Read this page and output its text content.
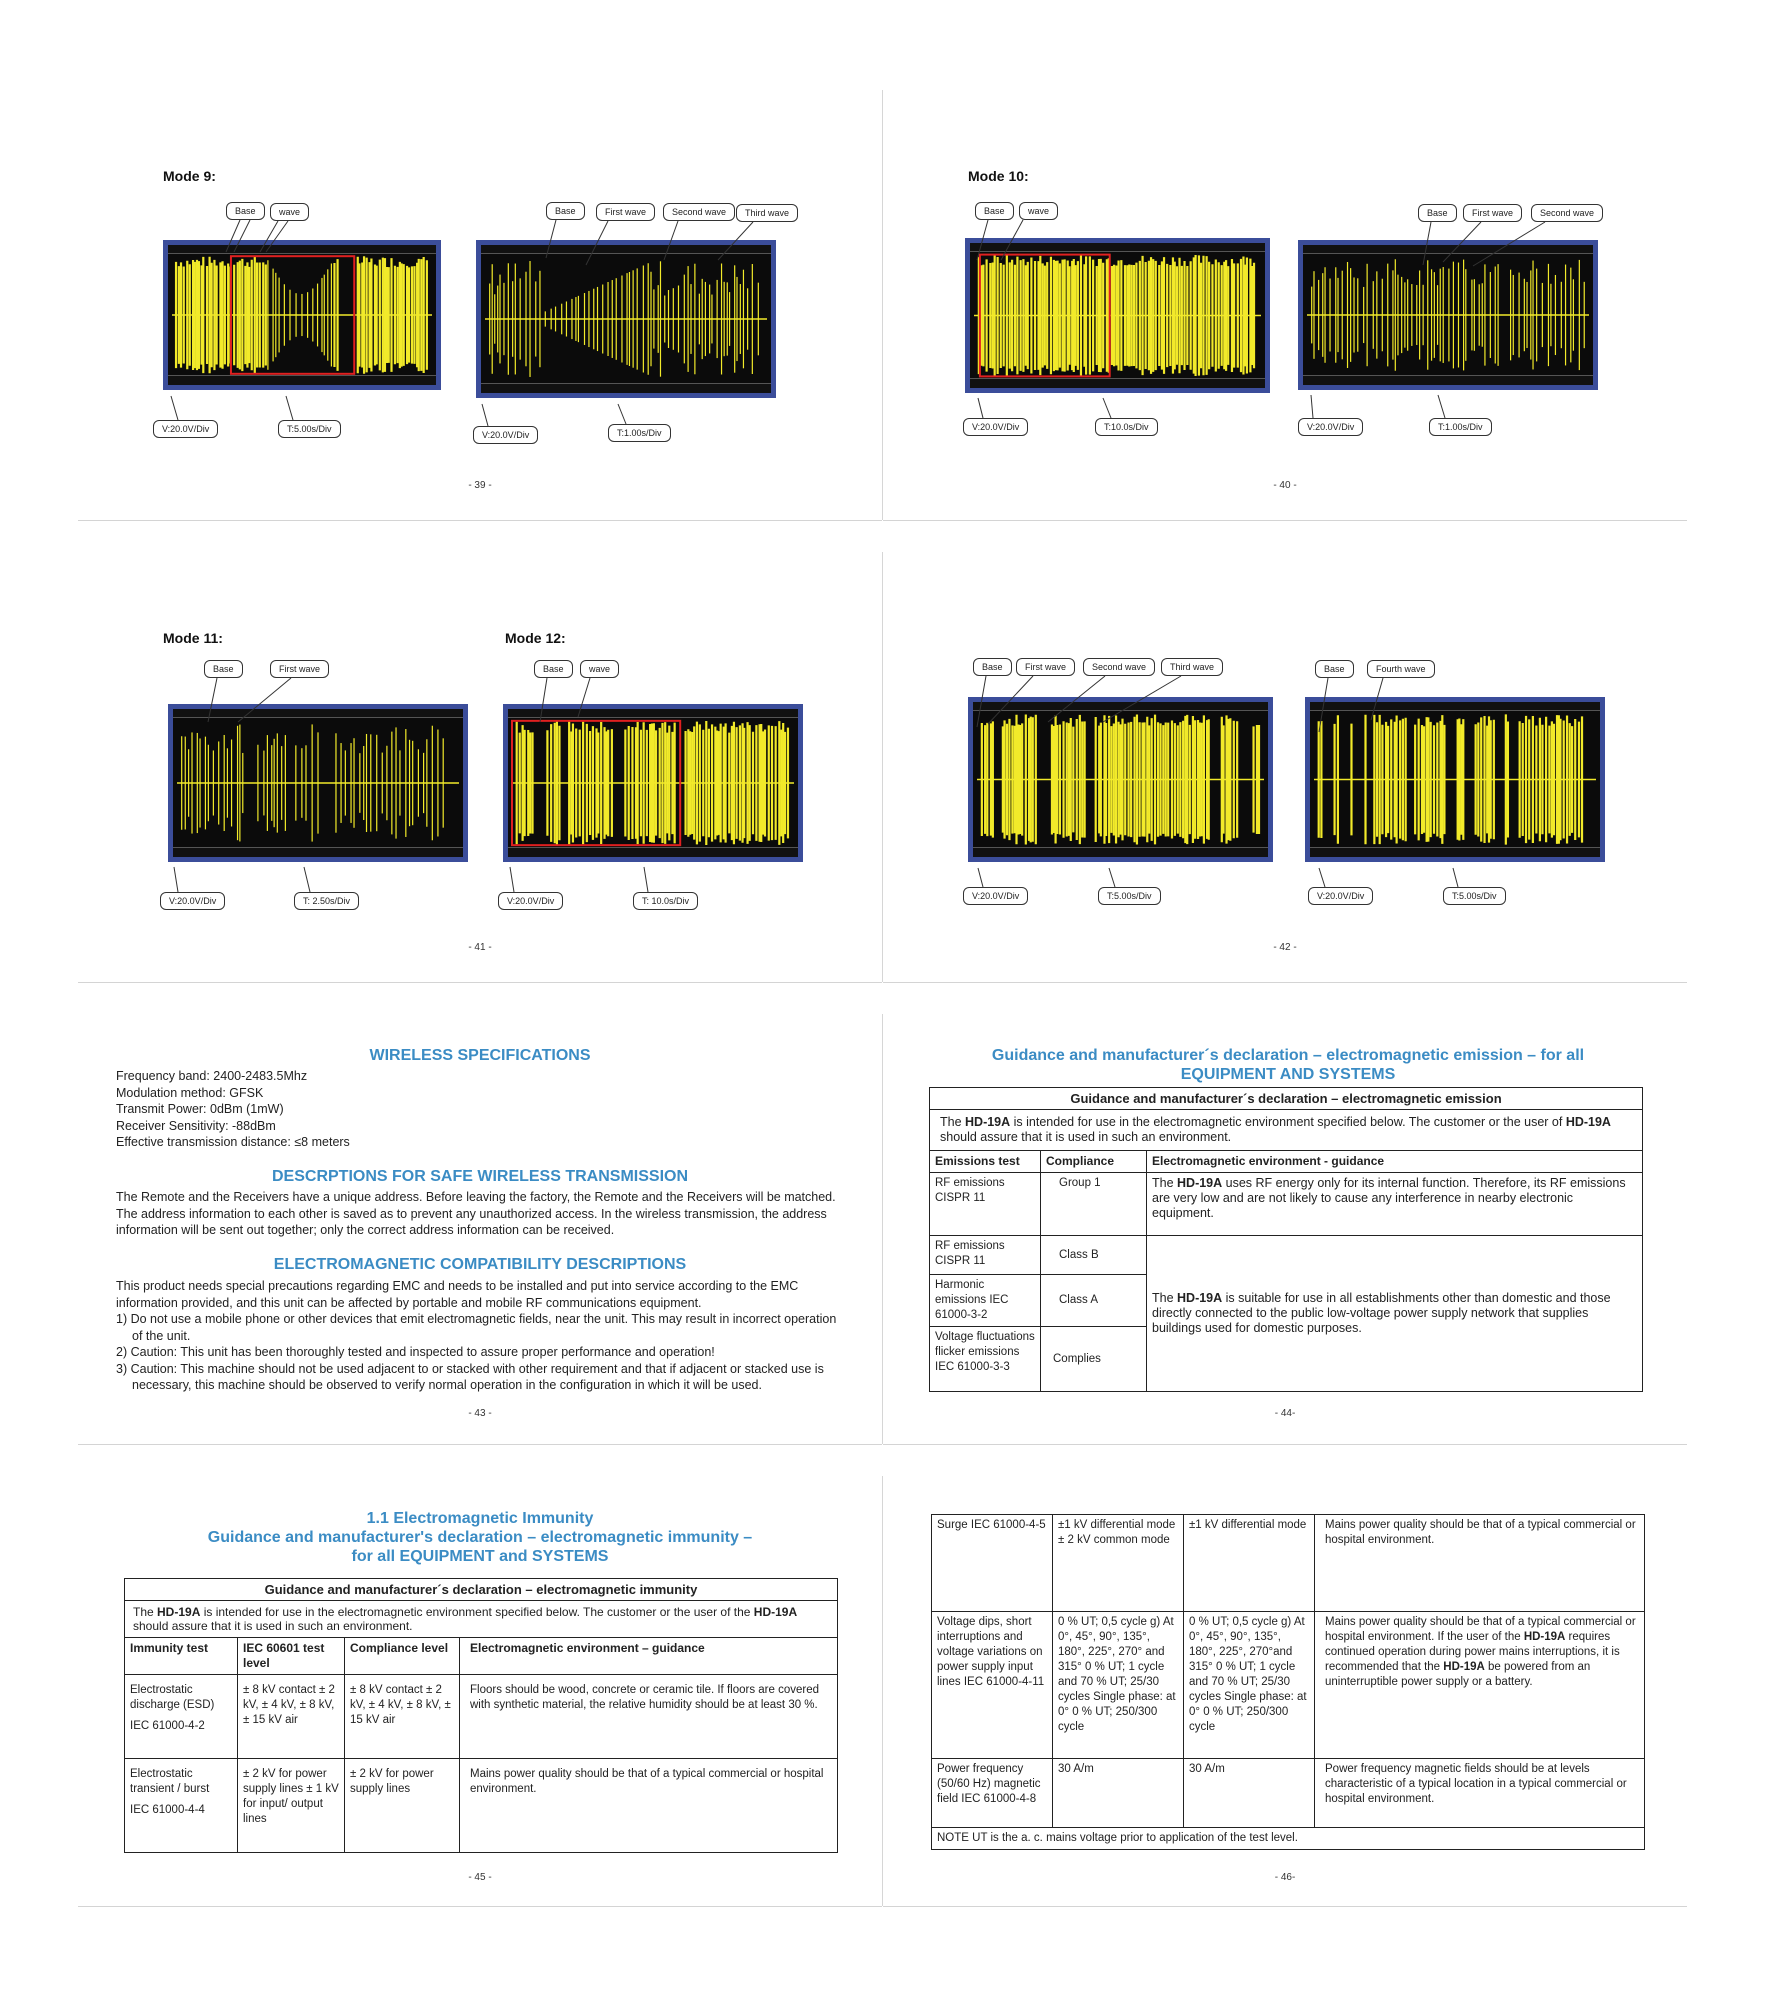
Mode 9:
Base	wave
V:20.0V/Div	T:5.00s/Div
Base	First wave	Second wave	Third wave
V:20.0V/Div	T:1.00s/Div
- 39 -
Mode 10:
Base	wave
V:20.0V/Div	T:10.0s/Div
Base	First wave	Second wave
V:20.0V/Div	T:1.00s/Div
- 40 -
Mode 11:	Mode 12:
Base	First wave
V:20.0V/Div	T: 2.50s/Div
Base	wave
V:20.0V/Div	T: 10.0s/Div
- 41 -
Base	First wave	Second wave	Third wave
V:20.0V/Div	T:5.00s/Div
Base	Fourth wave
V:20.0V/Div	T:5.00s/Div
- 42 -
WIRELESS SPECIFICATIONS
Frequency band: 2400-2483.5Mhz
Modulation method: GFSK
Transmit Power: 0dBm (1mW)
Receiver Sensitivity: -88dBm
Effective transmission distance: ≤8 meters
DESCRPTIONS FOR SAFE WIRELESS TRANSMISSION
The Remote and the Receivers have a unique address. Before leaving the factory, the Remote and the Receivers will be matched. The address information to each other is saved as to prevent any unauthorized access. In the wireless transmission, the address information will be sent out together; only the correct address information can be received.
ELECTROMAGNETIC COMPATIBILITY DESCRIPTIONS
This product needs special precautions regarding EMC and needs to be installed and put into service according to the EMC information provided, and this unit can be affected by portable and mobile RF communications equipment.
1) Do not use a mobile phone or other devices that emit electromagnetic fields, near the unit. This may result in incorrect operation of the unit.
2) Caution: This unit has been thoroughly tested and inspected to assure proper performance and operation!
3) Caution: This machine should not be used adjacent to or stacked with other requirement and that if adjacent or stacked use is necessary, this machine should be observed to verify normal operation in the configuration in which it will be used.
- 43 -
Guidance and manufacturer´s declaration – electromagnetic emission – for all
EQUIPMENT AND SYSTEMS
Guidance and manufacturer´s declaration – electromagnetic emission		
The HD-19A is intended for use in the electromagnetic environment specified below. The customer or the user of HD-19A should assure that it is used in such an environment.		
Emissions test	Compliance	Electromagnetic environment - guidance
RF emissions CISPR 11	Group 1	The HD-19A uses RF energy only for its internal function. Therefore, its RF emissions are very low and are not likely to cause any interference in nearby electronic equipment.
RF emissions CISPR 11	Class B	The HD-19A is suitable for use in all establishments other than domestic and those directly connected to the public low-voltage power supply network that supplies buildings used for domestic purposes.
Harmonic emissions IEC 61000-3-2	Class A	
Voltage fluctuations flicker emissions IEC 61000-3-3	Complies	
- 44-
1.1 Electromagnetic Immunity
Guidance and manufacturer's declaration – electromagnetic immunity –
for all EQUIPMENT and SYSTEMS
Guidance and manufacturer´s declaration – electromagnetic immunity			
The HD-19A is intended for use in the electromagnetic environment specified below. The customer or the user of the HD-19A should assure that it is used in such an environment.			
Immunity test	IEC 60601 test level	Compliance level	Electromagnetic environment – guidance

Electrostatic discharge (ESD)
IEC 61000-4-2	± 8 kV contact ± 2 kV, ± 4 kV, ± 8 kV, ± 15 kV air	± 8 kV contact ± 2 kV, ± 4 kV, ± 8 kV, ± 15 kV air	Floors should be wood, concrete or ceramic tile. If floors are covered with synthetic material, the relative humidity should be at least 30 %.

Electrostatic transient / burst
IEC 61000-4-4	± 2 kV for power supply lines ± 1 kV for input/ output lines	± 2 kV for power supply lines	Mains power quality should be that of a typical commercial or hospital environment.
- 45 -
Surge IEC 61000-4-5	±1 kV differential mode ± 2 kV common mode	±1 kV differential mode	Mains power quality should be that of a typical commercial or hospital environment.
Voltage dips, short interruptions and voltage variations on power supply input lines IEC 61000-4-11	0 % UT; 0,5 cycle g) At 0°, 45°, 90°, 135°, 180°, 225°, 270° and 315° 0 % UT; 1 cycle and 70 % UT; 25/30 cycles Single phase: at 0° 0 % UT; 250/300 cycle	0 % UT; 0,5 cycle g) At 0°, 45°, 90°, 135°, 180°, 225°, 270°and 315° 0 % UT; 1 cycle and 70 % UT; 25/30 cycles Single phase: at 0° 0 % UT; 250/300 cycle	Mains power quality should be that of a typical commercial or hospital environment. If the user of the HD-19A requires continued operation during power mains interruptions, it is recommended that the HD-19A be powered from an uninterruptible power supply or a battery.
Power frequency (50/60 Hz) magnetic field IEC 61000-4-8	30 A/m	30 A/m	Power frequency magnetic fields should be at levels characteristic of a typical location in a typical commercial or hospital environment.
NOTE UT is the a. c. mains voltage prior to application of the test level.			
- 46-
